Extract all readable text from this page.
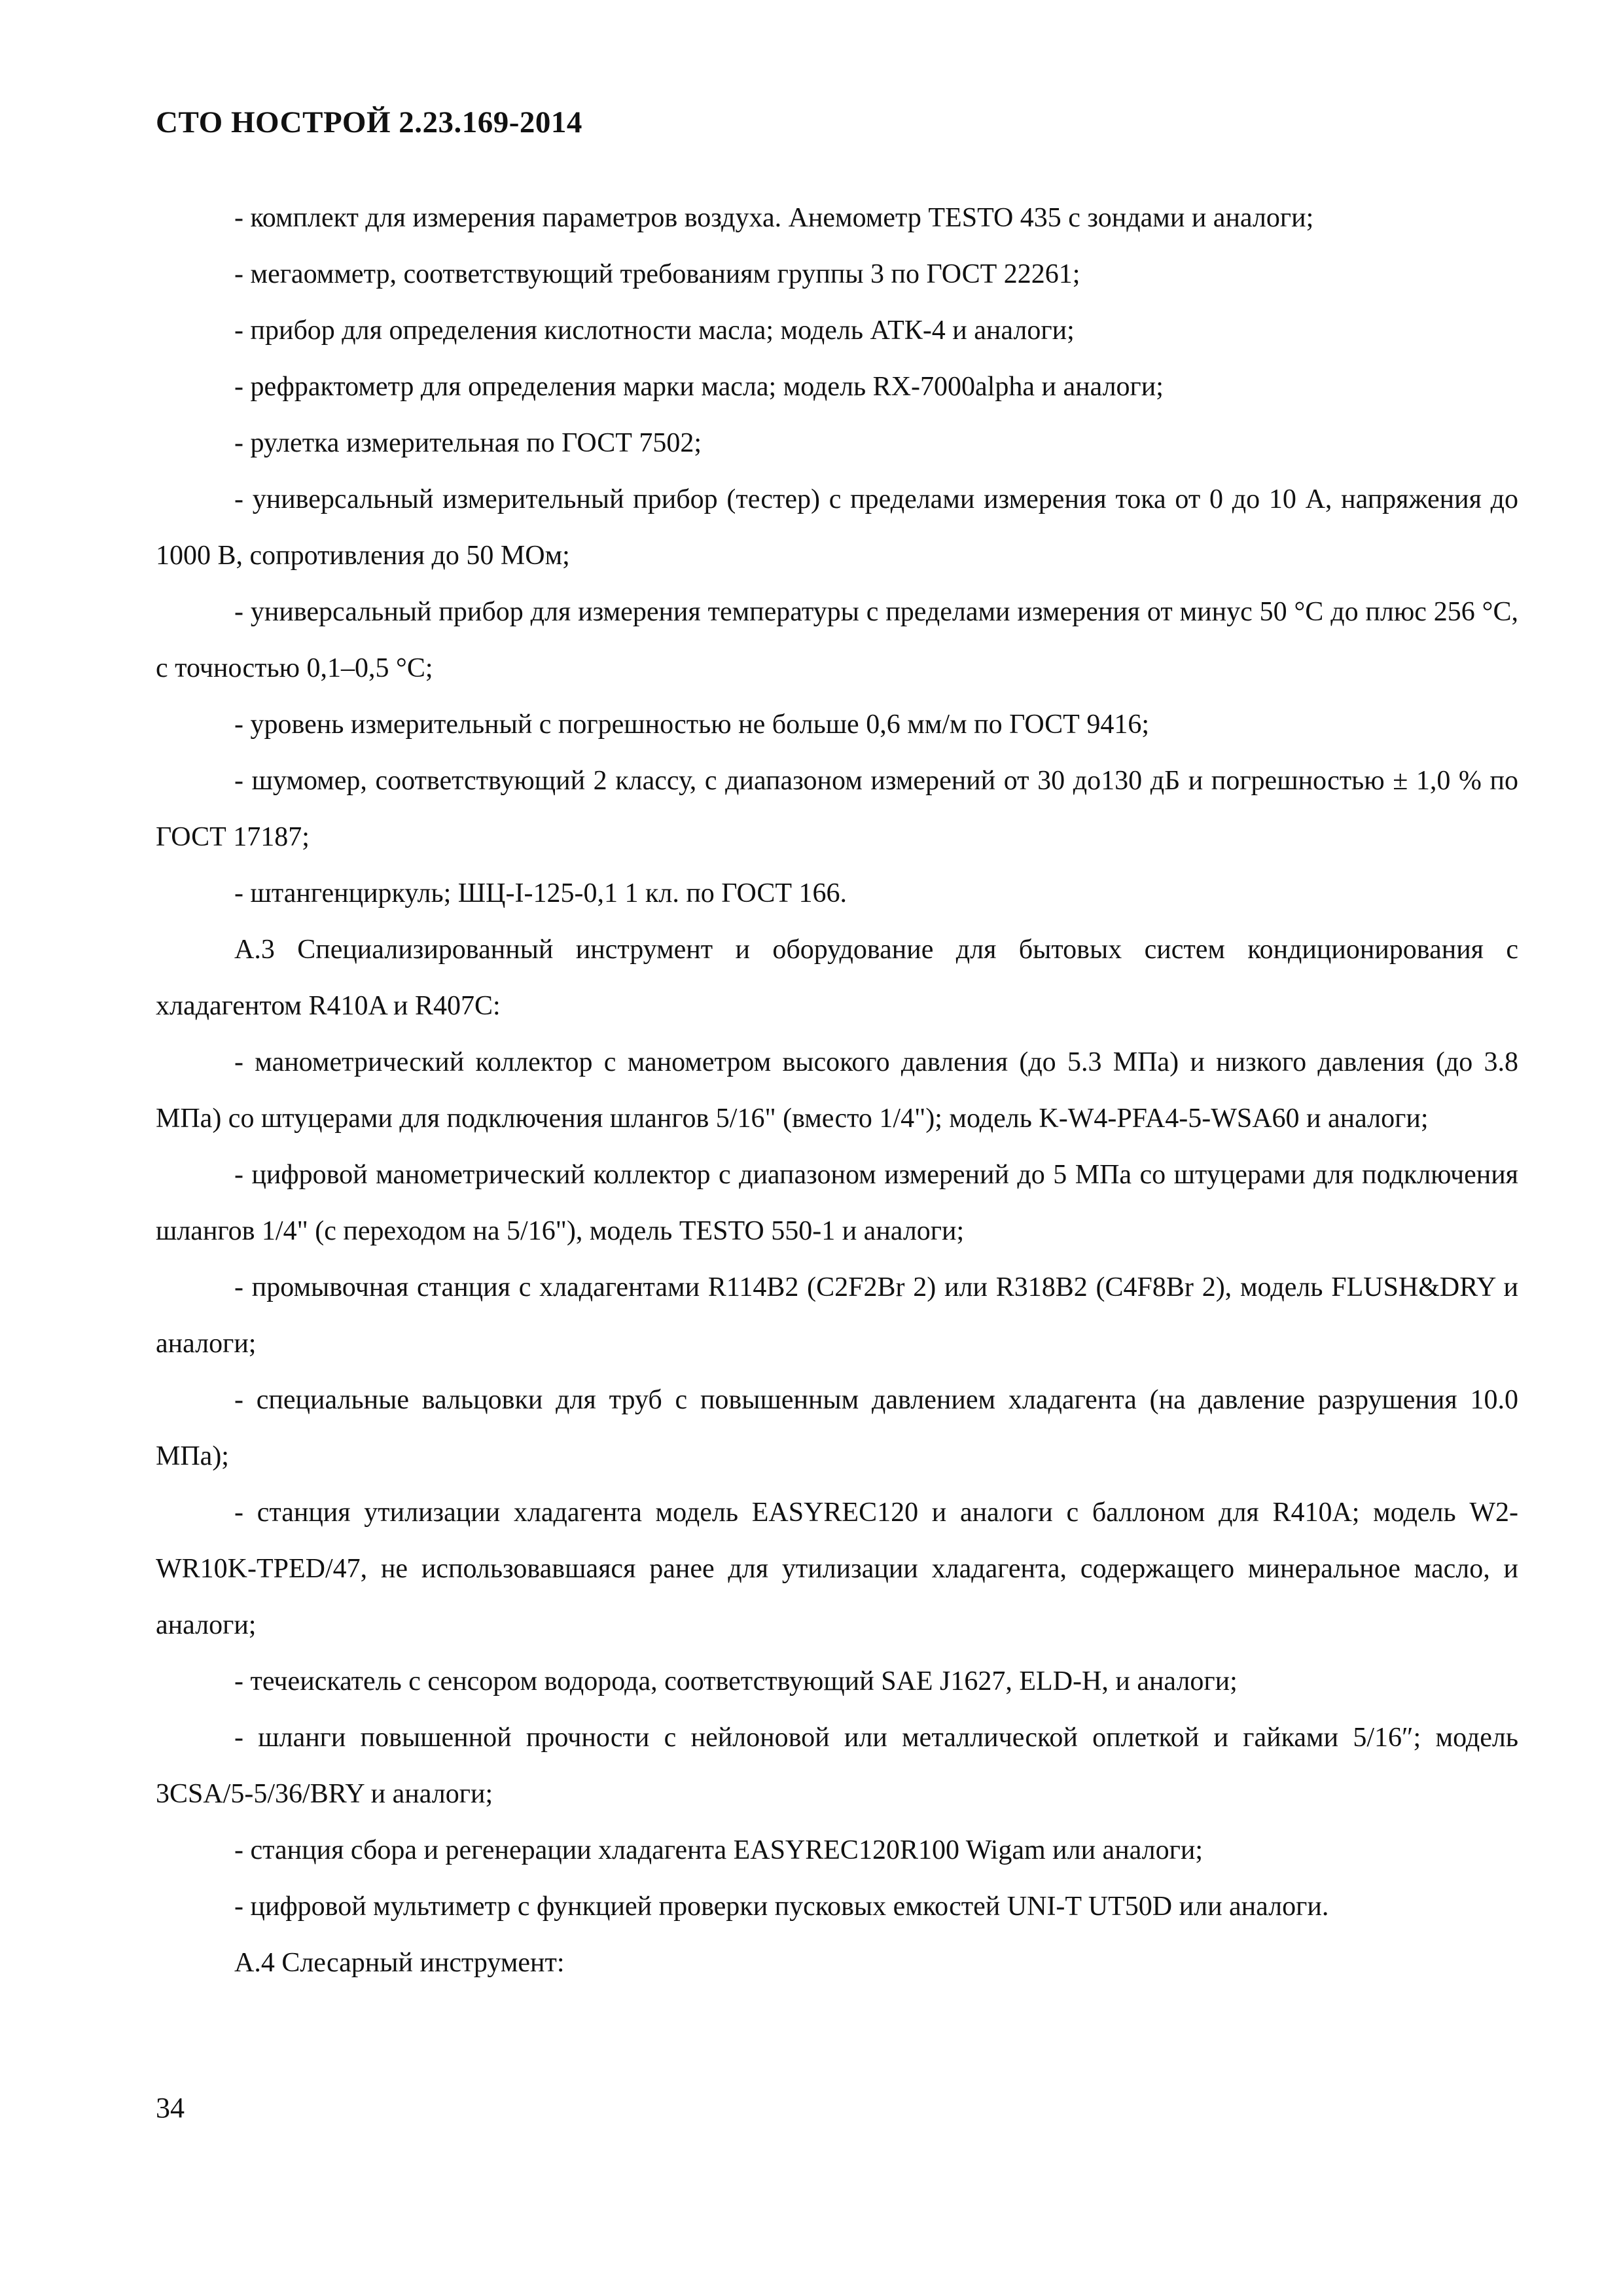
СТО НОСТРОЙ 2.23.169-2014

- комплект для измерения параметров воздуха. Анемометр TESTO 435 с зондами и аналоги;

- мегаомметр, соответствующий требованиям группы 3 по ГОСТ 22261;

- прибор для определения кислотности масла; модель АТК-4 и аналоги;

- рефрактометр для определения марки масла; модель RX-7000alpha и аналоги;

- рулетка измерительная по ГОСТ 7502;

- универсальный измерительный прибор (тестер) с пределами измерения тока от 0 до 10 А, напряжения до 1000 В, сопротивления до 50 МОм;

- универсальный прибор для измерения температуры с пределами измерения от минус 50 °С до плюс 256 °С, с точностью 0,1–0,5 °С;

- уровень измерительный с погрешностью не больше 0,6 мм/м по ГОСТ 9416;

- шумомер, соответствующий 2 классу, с диапазоном измерений от 30 до130 дБ и погрешностью ± 1,0 % по ГОСТ 17187;

- штангенциркуль; ШЦ-I-125-0,1 1 кл. по ГОСТ 166.

А.3 Специализированный инструмент и оборудование для бытовых систем кондиционирования с хладагентом R410A и R407C:

- манометрический коллектор с манометром высокого давления (до 5.3 МПа) и низкого давления (до 3.8 МПа) со штуцерами для подключения шлангов 5/16" (вместо 1/4"); модель K-W4-PFA4-5-WSA60 и аналоги;

- цифровой манометрический коллектор с диапазоном измерений до 5 МПа со штуцерами для подключения шлангов 1/4" (с переходом на 5/16"), модель TESTO 550-1 и аналоги;

- промывочная станция с хладагентами R114B2 (C2F2Br 2) или R318B2 (C4F8Br 2), модель FLUSH&DRY и аналоги;

- специальные вальцовки для труб с повышенным давлением хладагента (на давление разрушения 10.0 МПа);

- станция утилизации хладагента модель EASYREC120 и аналоги с баллоном для R410A; модель W2-WR10K-TPED/47, не использовавшаяся ранее для утилизации хладагента, содержащего минеральное масло, и аналоги;

- течеискатель с сенсором водорода, соответствующий SAE J1627, ELD-H, и аналоги;

- шланги повышенной прочности с нейлоновой или металлической оплеткой и гайками 5/16″; модель 3CSA/5-5/36/BRY и аналоги;

- станция сбора и регенерации хладагента EASYREC120R100 Wigam или аналоги;

- цифровой мультиметр с функцией проверки пусковых емкостей UNI-T UT50D или аналоги.

А.4 Слесарный инструмент:

34
